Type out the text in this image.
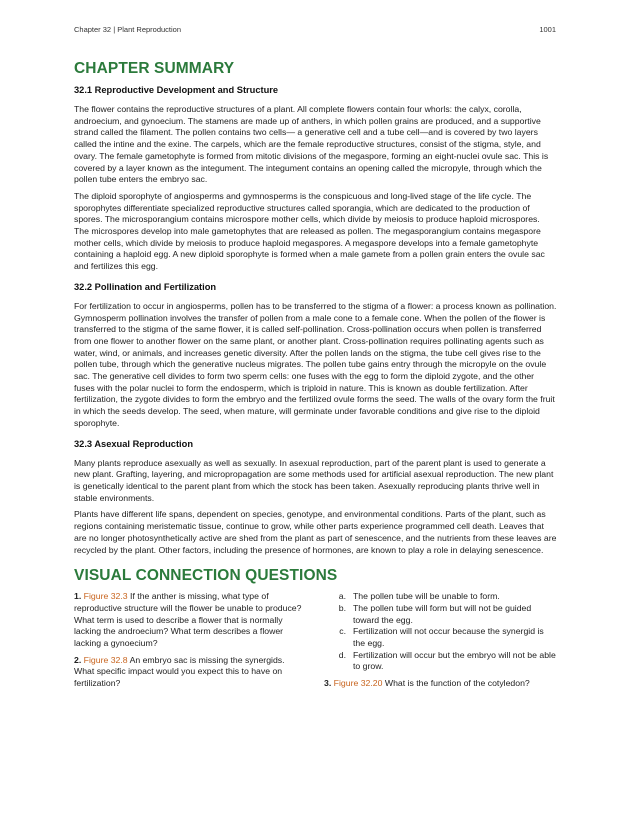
Chapter 32 | Plant Reproduction	1001
CHAPTER SUMMARY
32.1 Reproductive Development and Structure

The flower contains the reproductive structures of a plant. All complete flowers contain four whorls: the calyx, corolla, androecium, and gynoecium. The stamens are made up of anthers, in which pollen grains are produced, and a supportive strand called the filament. The pollen contains two cells— a generative cell and a tube cell—and is covered by two layers called the intine and the exine. The carpels, which are the female reproductive structures, consist of the stigma, style, and ovary. The female gametophyte is formed from mitotic divisions of the megaspore, forming an eight-nuclei ovule sac. This is covered by a layer known as the integument. The integument contains an opening called the micropyle, through which the pollen tube enters the embryo sac.

The diploid sporophyte of angiosperms and gymnosperms is the conspicuous and long-lived stage of the life cycle. The sporophytes differentiate specialized reproductive structures called sporangia, which are dedicated to the production of spores. The microsporangium contains microspore mother cells, which divide by meiosis to produce haploid microspores. The microspores develop into male gametophytes that are released as pollen. The megasporangium contains megaspore mother cells, which divide by meiosis to produce haploid megaspores. A megaspore develops into a female gametophyte containing a haploid egg. A new diploid sporophyte is formed when a male gamete from a pollen grain enters the ovule sac and fertilizes this egg.

32.2 Pollination and Fertilization

For fertilization to occur in angiosperms, pollen has to be transferred to the stigma of a flower: a process known as pollination. Gymnosperm pollination involves the transfer of pollen from a male cone to a female cone. When the pollen of the flower is transferred to the stigma of the same flower, it is called self-pollination. Cross-pollination occurs when pollen is transferred from one flower to another flower on the same plant, or another plant. Cross-pollination requires pollinating agents such as water, wind, or animals, and increases genetic diversity. After the pollen lands on the stigma, the tube cell gives rise to the pollen tube, through which the generative nucleus migrates. The pollen tube gains entry through the micropyle on the ovule sac. The generative cell divides to form two sperm cells: one fuses with the egg to form the diploid zygote, and the other fuses with the polar nuclei to form the endosperm, which is triploid in nature. This is known as double fertilization. After fertilization, the zygote divides to form the embryo and the fertilized ovule forms the seed. The walls of the ovary form the fruit in which the seeds develop. The seed, when mature, will germinate under favorable conditions and give rise to the diploid sporophyte.

32.3 Asexual Reproduction

Many plants reproduce asexually as well as sexually. In asexual reproduction, part of the parent plant is used to generate a new plant. Grafting, layering, and micropropagation are some methods used for artificial asexual reproduction. The new plant is genetically identical to the parent plant from which the stock has been taken. Asexually reproducing plants thrive well in stable environments.

Plants have different life spans, dependent on species, genotype, and environmental conditions. Parts of the plant, such as regions containing meristematic tissue, continue to grow, while other parts experience programmed cell death. Leaves that are no longer photosynthetically active are shed from the plant as part of senescence, and the nutrients from these leaves are recycled by the plant. Other factors, including the presence of hormones, are known to play a role in delaying senescence.

VISUAL CONNECTION QUESTIONS

1. Figure 32.3 If the anther is missing, what type of reproductive structure will the flower be unable to produce? What term is used to describe a flower that is normally lacking the androecium? What term describes a flower lacking a gynoecium?

2. Figure 32.8 An embryo sac is missing the synergids. What specific impact would you expect this to have on fertilization?

a. The pollen tube will be unable to form.
b. The pollen tube will form but will not be guided toward the egg.
c. Fertilization will not occur because the synergid is the egg.
d. Fertilization will occur but the embryo will not be able to grow.

3. Figure 32.20 What is the function of the cotyledon?
